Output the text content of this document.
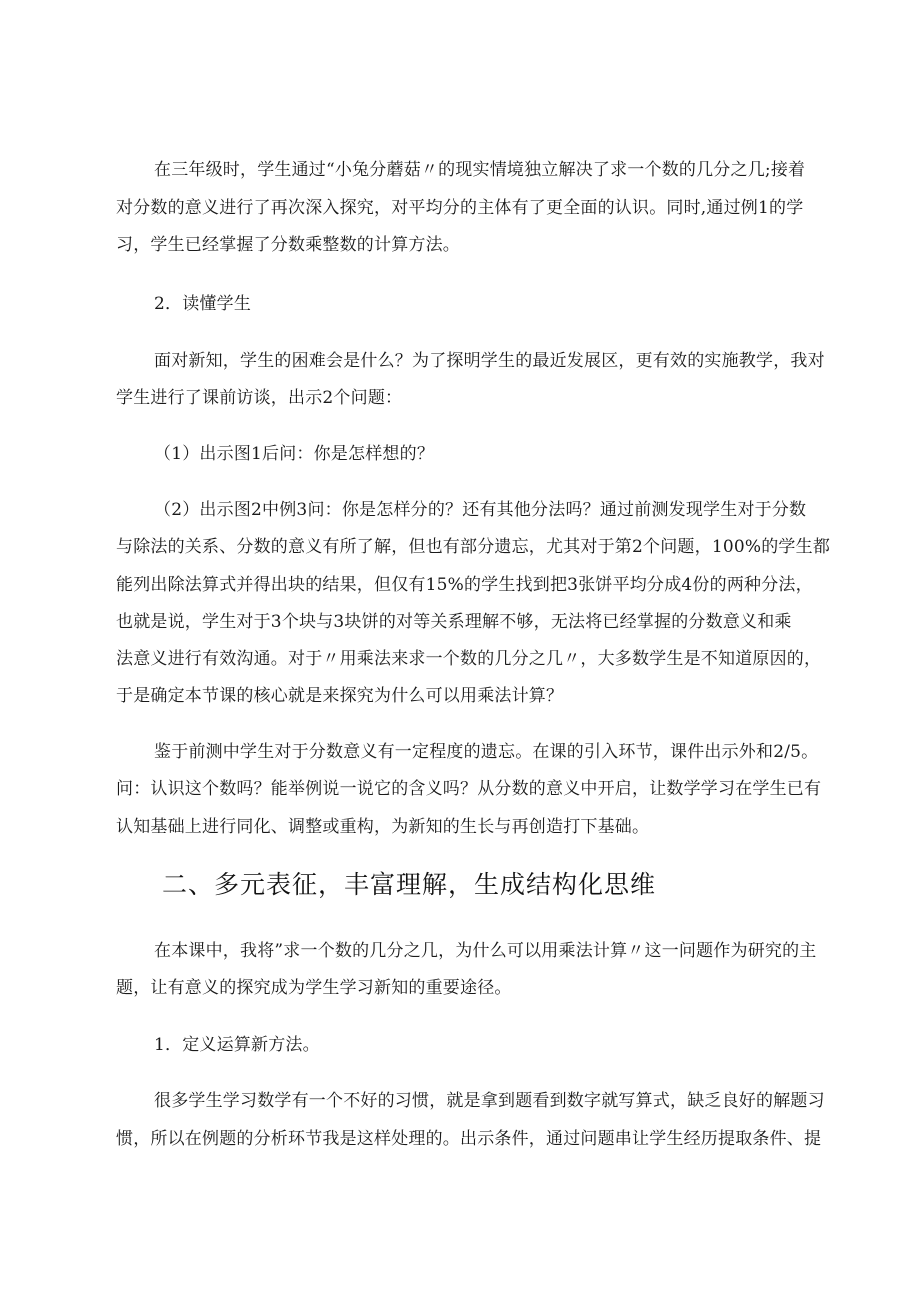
在三年级时，学生通过“小兔分蘑菇〃的现实情境独立解决了求一个数的几分之几;接着
对分数的意义进行了再次深入探究，对平均分的主体有了更全面的认识。同时,通过例1的学
习，学生已经掌握了分数乘整数的计算方法。
2．读懂学生
面对新知，学生的困难会是什么？为了探明学生的最近发展区，更有效的实施教学，我对
学生进行了课前访谈，出示2个问题：
（1）出示图1后问：你是怎样想的？
（2）出示图2中例3问：你是怎样分的？还有其他分法吗？通过前测发现学生对于分数
与除法的关系、分数的意义有所了解，但也有部分遗忘，尤其对于第2个问题，100%的学生都
能列出除法算式并得出块的结果，但仅有15%的学生找到把3张饼平均分成4份的两种分法，
也就是说，学生对于3个块与3块饼的对等关系理解不够，无法将已经掌握的分数意义和乘
法意义进行有效沟通。对于〃用乘法来求一个数的几分之几〃，大多数学生是不知道原因的，
于是确定本节课的核心就是来探究为什么可以用乘法计算？
鉴于前测中学生对于分数意义有一定程度的遗忘。在课的引入环节，课件出示外和2/5。
问：认识这个数吗？能举例说一说它的含义吗？从分数的意义中开启，让数学学习在学生已有
认知基础上进行同化、调整或重构，为新知的生长与再创造打下基础。
二、多元表征，丰富理解，生成结构化思维
在本课中，我将”求一个数的几分之几，为什么可以用乘法计算〃这一问题作为研究的主
题，让有意义的探究成为学生学习新知的重要途径。
1．定义运算新方法。
很多学生学习数学有一个不好的习惯，就是拿到题看到数字就写算式，缺乏良好的解题习
惯，所以在例题的分析环节我是这样处理的。出示条件，通过问题串让学生经历提取条件、提
